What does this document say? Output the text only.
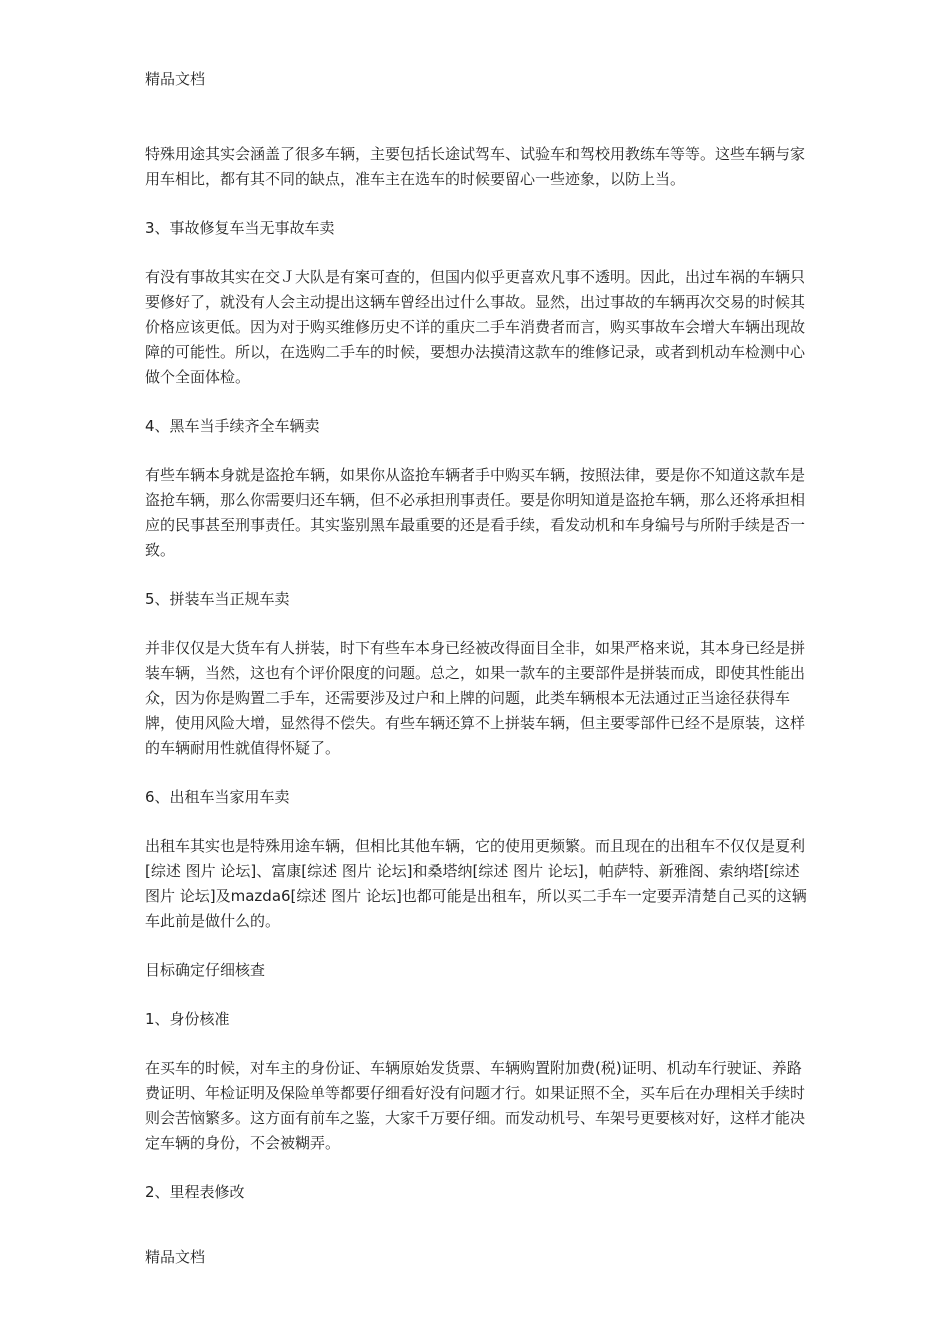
精品文档

特殊用途其实会涵盖了很多车辆，主要包括长途试驾车、试验车和驾校用教练车等等。这些车辆与家用车相比，都有其不同的缺点，准车主在选车的时候要留心一些迹象，以防上当。

3、事故修复车当无事故车卖

有没有事故其实在交Ｊ大队是有案可查的，但国内似乎更喜欢凡事不透明。因此，出过车祸的车辆只要修好了，就没有人会主动提出这辆车曾经出过什么事故。显然，出过事故的车辆再次交易的时候其价格应该更低。因为对于购买维修历史不详的重庆二手车消费者而言，购买事故车会增大车辆出现故障的可能性。所以，在选购二手车的时候，要想办法摸清这款车的维修记录，或者到机动车检测中心做个全面体检。

4、黑车当手续齐全车辆卖

有些车辆本身就是盗抢车辆，如果你从盗抢车辆者手中购买车辆，按照法律，要是你不知道这款车是盗抢车辆，那么你需要归还车辆，但不必承担刑事责任。要是你明知道是盗抢车辆，那么还将承担相应的民事甚至刑事责任。其实鉴别黑车最重要的还是看手续，看发动机和车身编号与所附手续是否一致。

5、拼装车当正规车卖

并非仅仅是大货车有人拼装，时下有些车本身已经被改得面目全非，如果严格来说，其本身已经是拼装车辆，当然，这也有个评价限度的问题。总之，如果一款车的主要部件是拼装而成，即使其性能出众，因为你是购置二手车，还需要涉及过户和上牌的问题，此类车辆根本无法通过正当途径获得车牌，使用风险大增，显然得不偿失。有些车辆还算不上拼装车辆，但主要零部件已经不是原装，这样的车辆耐用性就值得怀疑了。

6、出租车当家用车卖

出租车其实也是特殊用途车辆，但相比其他车辆，它的使用更频繁。而且现在的出租车不仅仅是夏利[综述 图片 论坛]、富康[综述 图片 论坛]和桑塔纳[综述 图片 论坛]，帕萨特、新雅阁、索纳塔[综述 图片 论坛]及mazda6[综述 图片 论坛]也都可能是出租车，所以买二手车一定要弄清楚自己买的这辆车此前是做什么的。

目标确定仔细核查

1、身份核准

在买车的时候，对车主的身份证、车辆原始发货票、车辆购置附加费(税)证明、机动车行驶证、养路费证明、年检证明及保险单等都要仔细看好没有问题才行。如果证照不全，买车后在办理相关手续时则会苦恼繁多。这方面有前车之鉴，大家千万要仔细。而发动机号、车架号更要核对好，这样才能决定车辆的身份，不会被糊弄。

2、里程表修改

精品文档
